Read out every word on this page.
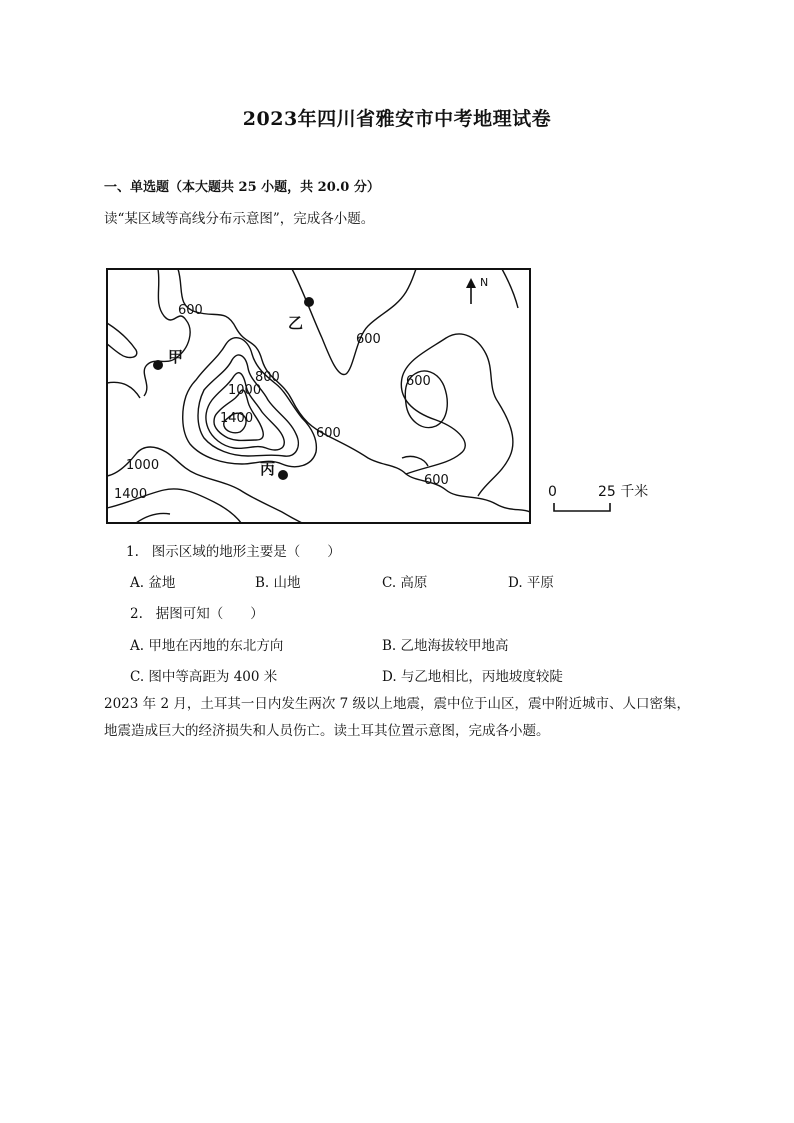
2023年四川省雅安市中考地理试卷
一、单选题（本大题共 25 小题，共 20.0 分）
读“某区域等高线分布示意图”，完成各小题。
甲
乙
丙
600
600
600
600
600
800
1000
1000
1400
1400
N
0	25 千米
1. 图示区域的地形主要是（　　）
A. 盆地	B. 山地	C. 高原	D. 平原
2. 据图可知（　　）
A. 甲地在丙地的东北方向	B. 乙地海拔较甲地高
C. 图中等高距为 400 米	D. 与乙地相比，丙地坡度较陡
2023 年 2 月，土耳其一日内发生两次 7 级以上地震，震中位于山区，震中附近城市、人口密集，
地震造成巨大的经济损失和人员伤亡。读土耳其位置示意图，完成各小题。
